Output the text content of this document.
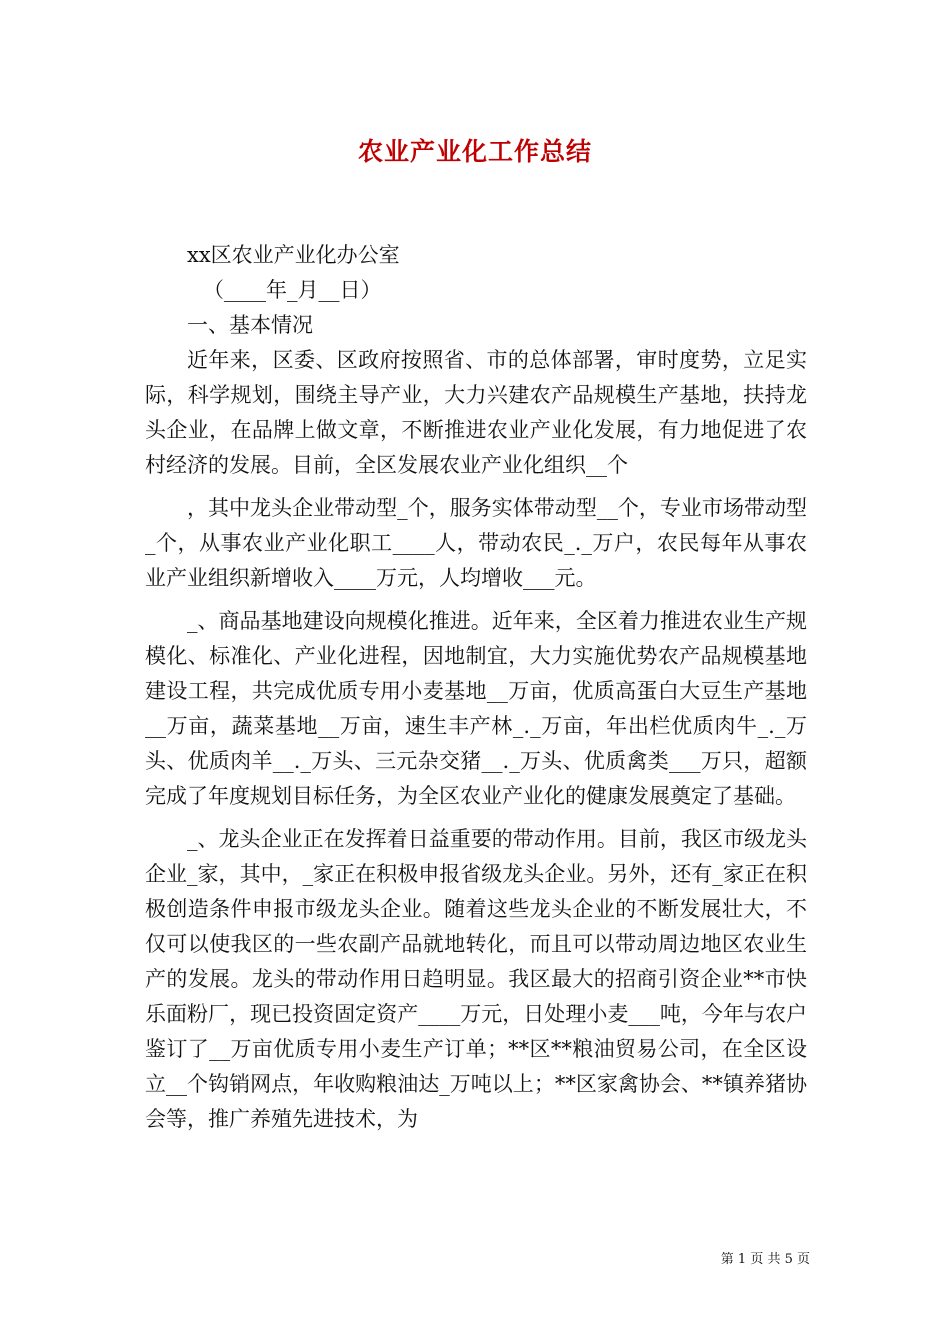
农业产业化工作总结

xx区农业产业化办公室

（____年_月__日）

一、基本情况

近年来，区委、区政府按照省、市的总体部署，审时度势，立足实际，科学规划，围绕主导产业，大力兴建农产品规模生产基地，扶持龙头企业，在品牌上做文章，不断推进农业产业化发展，有力地促进了农村经济的发展。目前，全区发展农业产业化组织__个

，其中龙头企业带动型_个，服务实体带动型__个，专业市场带动型_个，从事农业产业化职工____人，带动农民_._万户，农民每年从事农业产业组织新增收入____万元，人均增收___元。

_、商品基地建设向规模化推进。近年来，全区着力推进农业生产规模化、标准化、产业化进程，因地制宜，大力实施优势农产品规模基地建设工程，共完成优质专用小麦基地__万亩，优质高蛋白大豆生产基地__万亩，蔬菜基地__万亩，速生丰产林_._万亩，年出栏优质肉牛_._万头、优质肉羊__._万头、三元杂交猪__._万头、优质禽类___万只，超额完成了年度规划目标任务，为全区农业产业化的健康发展奠定了基础。

_、龙头企业正在发挥着日益重要的带动作用。目前，我区市级龙头企业_家，其中，_家正在积极申报省级龙头企业。另外，还有_家正在积极创造条件申报市级龙头企业。随着这些龙头企业的不断发展壮大，不仅可以使我区的一些农副产品就地转化，而且可以带动周边地区农业生产的发展。龙头的带动作用日趋明显。我区最大的招商引资企业**市快乐面粉厂，现已投资固定资产____万元，日处理小麦___吨，今年与农户鉴订了__万亩优质专用小麦生产订单；**区**粮油贸易公司，在全区设立__个钩销网点，年收购粮油达_万吨以上；**区家禽协会、**镇养猪协会等，推广养殖先进技术，为

第 1 页 共 5 页
